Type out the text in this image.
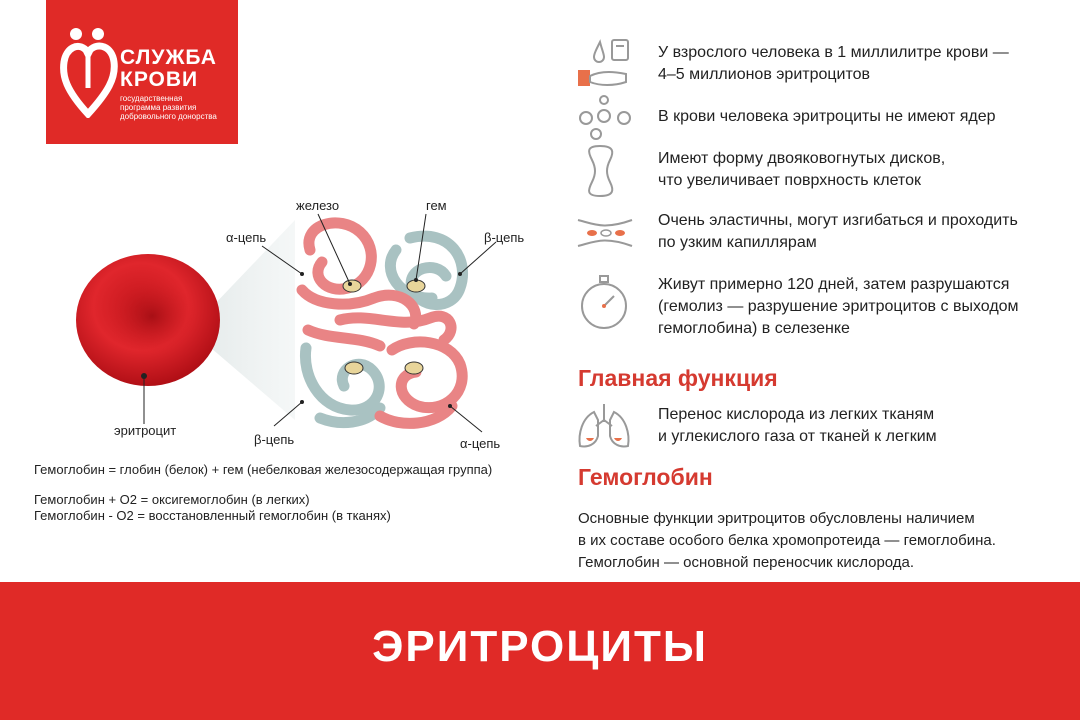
СЛУЖБА
КРОВИ
государственная
программа развития
добровольного донорства
эритроцит
железо	гем
α-цепь	β-цепь
β-цепь	α-цепь
Гемоглобин = глобин (белок) + гем (небелковая железосодержащая группа)
Гемоглобин + О2 = оксигемоглобин (в легких)
Гемоглобин - О2 = восстановленный гемоглобин (в тканях)
У взрослого человека в 1 миллилитре крови —
4–5 миллионов эритроцитов
В крови человека эритроциты не имеют ядер
Имеют форму двояковогнутых дисков,
что увеличивает поврхность клеток
Очень эластичны, могут изгибаться и проходить
по узким капиллярам
Живут примерно 120 дней, затем разрушаются
(гемолиз — разрушение эритроцитов с выходом
гемоглобина) в селезенке
Главная функция
Перенос кислорода из легких тканям
и углекислого газа от тканей к легким
Гемоглобин
Основные функции эритроцитов обусловлены наличием
в их составе особого белка хромопротеида — гемоглобина.
Гемоглобин — основной переносчик кислорода.
ЭРИТРОЦИТЫ
